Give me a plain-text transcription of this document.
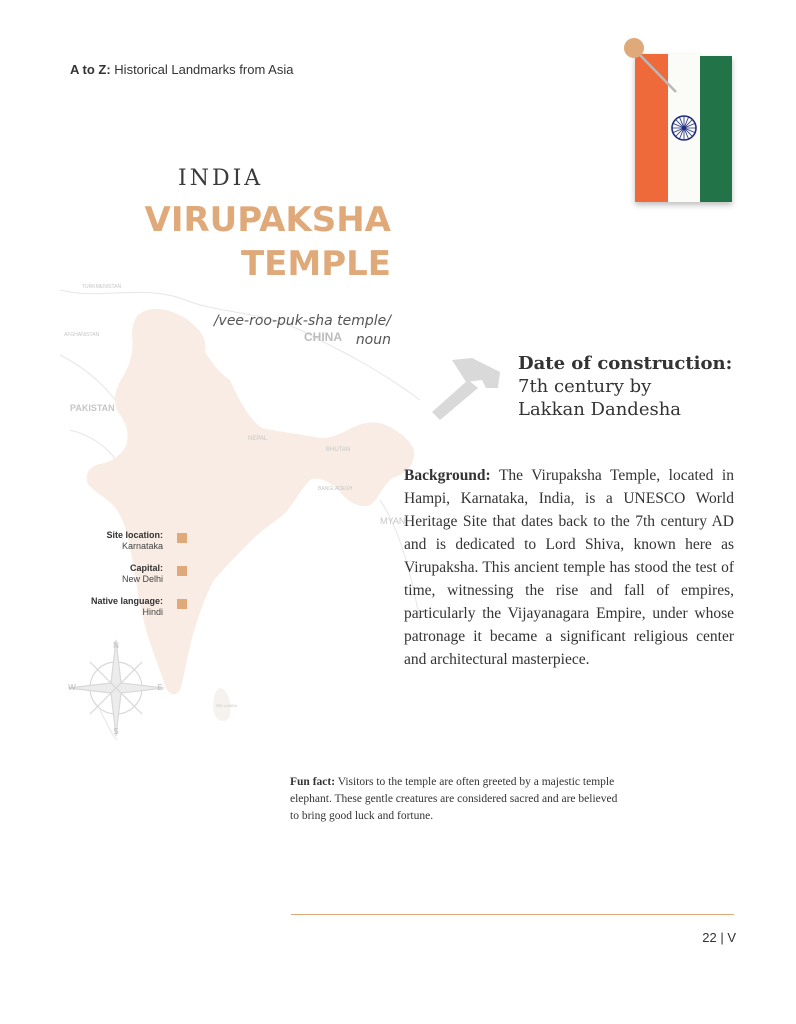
A to Z: Historical Landmarks from Asia
INDIA
VIRUPAKSHA
TEMPLE
N
S
E
W
TURKMENISTAN
AFGHANISTAN
PAKISTAN
CHINA
NEPAL
BHUTAN
BANGLADESH
MYAN
SRI LANKA
/vee-roo-puk-sha temple/
noun
Site location:
Karnataka
Capital:
New Delhi
Native language:
Hindi
Date of construction:
7th century by
Lakkan Dandesha
Background: The Virupaksha Temple, located in Hampi, Karnataka, India, is a UNESCO World Heritage Site that dates back to the 7th century AD and is dedicated to Lord Shiva, known here as Virupaksha. This ancient temple has stood the test of time, witnessing the rise and fall of empires, particularly the Vijayanagara Empire, under whose patronage it became a significant religious center and architectural masterpiece.
Fun fact: Visitors to the temple are often greeted by a majestic temple elephant. These gentle creatures are considered sacred and are believed to bring good luck and fortune.
22 | V
